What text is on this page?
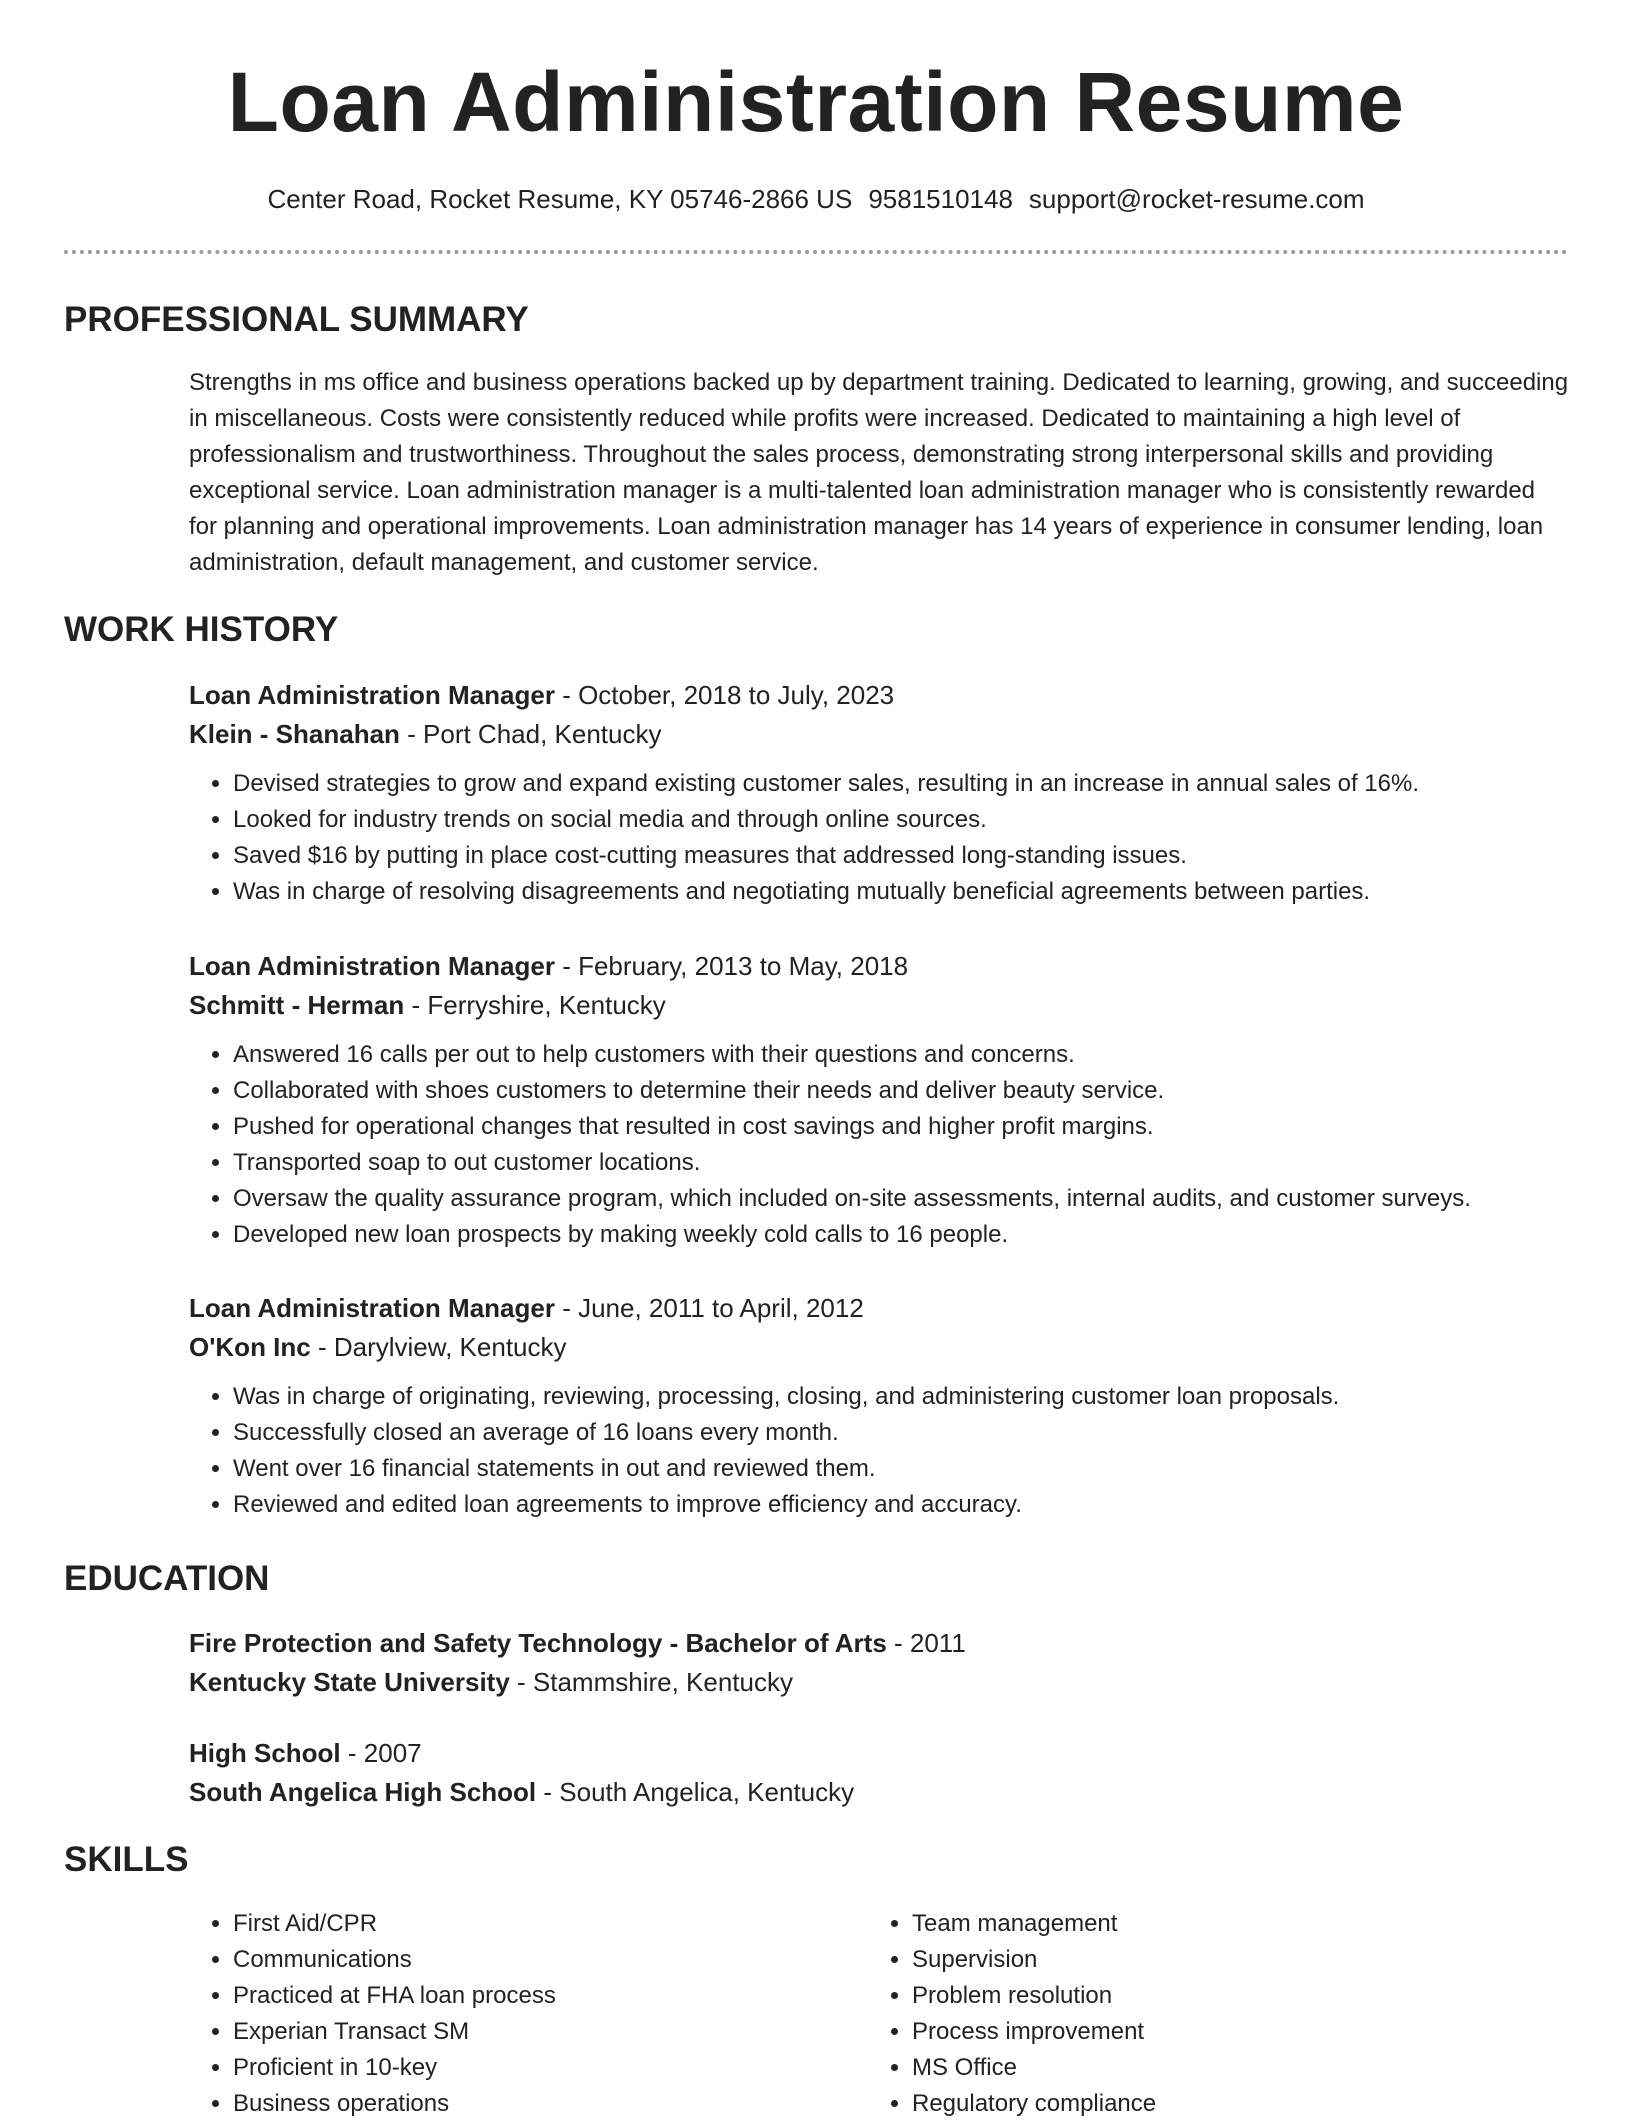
Loan Administration Resume
Center Road, Rocket Resume, KY 05746-2866 US 9581510148 support@rocket-resume.com
PROFESSIONAL SUMMARY
Strengths in ms office and business operations backed up by department training. Dedicated to learning, growing, and succeeding in miscellaneous. Costs were consistently reduced while profits were increased. Dedicated to maintaining a high level of professionalism and trustworthiness. Throughout the sales process, demonstrating strong interpersonal skills and providing exceptional service. Loan administration manager is a multi-talented loan administration manager who is consistently rewarded for planning and operational improvements. Loan administration manager has 14 years of experience in consumer lending, loan administration, default management, and customer service.
WORK HISTORY
Loan Administration Manager - October, 2018 to July, 2023
Klein - Shanahan - Port Chad, Kentucky
• Devised strategies to grow and expand existing customer sales, resulting in an increase in annual sales of 16%.
• Looked for industry trends on social media and through online sources.
• Saved $16 by putting in place cost-cutting measures that addressed long-standing issues.
• Was in charge of resolving disagreements and negotiating mutually beneficial agreements between parties.
Loan Administration Manager - February, 2013 to May, 2018
Schmitt - Herman - Ferryshire, Kentucky
• Answered 16 calls per out to help customers with their questions and concerns.
• Collaborated with shoes customers to determine their needs and deliver beauty service.
• Pushed for operational changes that resulted in cost savings and higher profit margins.
• Transported soap to out customer locations.
• Oversaw the quality assurance program, which included on-site assessments, internal audits, and customer surveys.
• Developed new loan prospects by making weekly cold calls to 16 people.
Loan Administration Manager - June, 2011 to April, 2012
O'Kon Inc - Darylview, Kentucky
• Was in charge of originating, reviewing, processing, closing, and administering customer loan proposals.
• Successfully closed an average of 16 loans every month.
• Went over 16 financial statements in out and reviewed them.
• Reviewed and edited loan agreements to improve efficiency and accuracy.
EDUCATION
Fire Protection and Safety Technology - Bachelor of Arts - 2011
Kentucky State University - Stammshire, Kentucky
High School - 2007
South Angelica High School - South Angelica, Kentucky
SKILLS
• First Aid/CPR
• Communications
• Practiced at FHA loan process
• Experian Transact SM
• Proficient in 10-key
• Business operations
• Team management
• Supervision
• Problem resolution
• Process improvement
• MS Office
• Regulatory compliance
